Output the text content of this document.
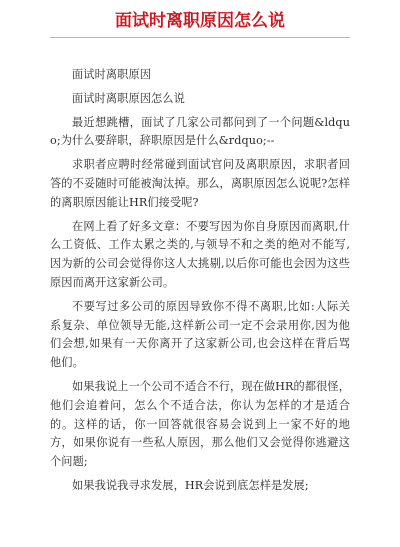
面试时离职原因怎么说

面试时离职原因

面试时离职原因怎么说

最近想跳槽，面试了几家公司都问到了一个问题&ldquo;为什么要辞职，辞职原因是什么&rdquo;--

求职者应聘时经常碰到面试官问及离职原因，求职者回答的不妥随时可能被淘汰掉。那么，离职原因怎么说呢?怎样的离职原因能让HR们接受呢?

在网上看了好多文章：不要写因为你自身原因而离职,什么工资低、工作太累之类的,与领导不和之类的绝对不能写,因为新的公司会觉得你这人太挑剔,以后你可能也会因为这些原因而离开这家新公司。

不要写过多公司的原因导致你不得不离职,比如:人际关系复杂、单位领导无能,这样新公司一定不会录用你,因为他们会想,如果有一天你离开了这家新公司,也会这样在背后骂他们。

如果我说上一个公司不适合不行，现在做HR的都很怪，他们会追着问，怎么个不适合法，你认为怎样的才是适合的。这样的话，你一回答就很容易会说到上一家不好的地方，如果你说有一些私人原因，那么他们又会觉得你逃避这个问题;

如果我说我寻求发展，HR会说到底怎样是发展;
